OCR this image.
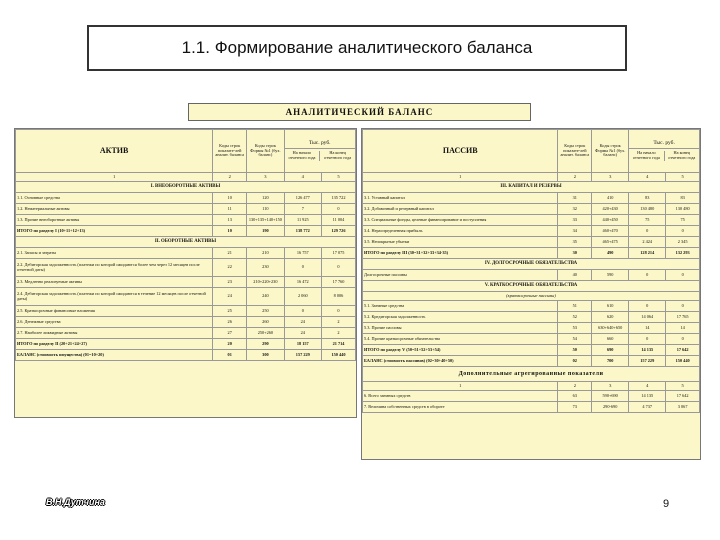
1.1. Формирование аналитического баланса
АНАЛИТИЧЕСКИЙ БАЛАНС
АКТИВ	Коды строк показате-лей аналит. баланса	Коды строк Формы №1 (бух. баланс)	Тыс. руб.
На начало отчетного года
На конец отчетного года	

1	2	3	4	5
I. ВНЕОБОРОТНЫЕ АКТИВЫ				
1.1. Основные средства	10	120	126 477	135 722
1.2. Нематериальные активы	11	110	7	0
1.3. Прочие внеоборотные активы	13	130+135+140+150	11 925	11 004
ИТОГО по разделу I (10+11+12+13)	10	190	138 772	129 726
II. ОБОРОТНЫЕ АКТИВЫ				
2.1. Запасы и затраты	21	210	16 757	17 075
2.2. Дебиторская задолженность (платежи по которой ожидаются более чем через 12 месяцев после отчетной даты)	22	230	0	0
2.3. Медленно реализуемые активы	23	210+220+230	16 472	17 760
2.4. Дебиторская задолженность (платежи по которой ожидаются в течение 12 месяцев после отчетной даты)	24	240	2 060	8 006
2.5. Краткосрочные финансовые вложения	25	250	0	0
2.6. Денежные средства	26	260	24	2
2.7. Наиболее ликвидные активы	27	250+260	24	2
ИТОГО по разделу II (20+21+24+27)	20	290	18 157	21 714
БАЛАНС (стоимость имущества) (01=10+20)	01	300	157 229	150 440
ПАССИВ	Коды строк показате-лей аналит. баланса	Коды строк Формы №1 (бух. баланс)	Тыс. руб.
На начало отчетного года
На конец отчетного года	

1	2	3	4	5
III. КАПИТАЛ И РЕЗЕРВЫ				
3.1. Уставный капитал	31	410	83	83
3.2. Добавочный и резервный капитал	32	420+430	130 480	130 480
3.3. Специальные фонды, целевые финансирование и поступления	33	440+450	75	75
3.4. Нераспределенная прибыль	34	460+470	0	0
3.5. Непокрытые убытки	35	465+475	2 424	2 345
ИТОГО по разделу III (30=31+32+33+34-35)	30	490	128 214	132 293
IV. ДОЛГОСРОЧНЫЕ ОБЯЗАТЕЛЬСТВА				
Долгосрочные пассивы	40	590	0	0
V. КРАТКОСРОЧНЫЕ ОБЯЗАТЕЛЬСТВА				
(краткосрочные пассивы)				
5.1. Заемные средства	51	610	0	0
5.2. Кредиторская задолженность	52	620	14 064	17 765
5.3. Прочие пассивы	53	630+640+650	14	14
5.4. Прочие краткосрочные обязательства	54	660	0	0
ИТОГО по разделу V (50=51+52+53+54)	50	690	14 135	17 642
БАЛАНС (стоимость пассивов) (02=30+40+50)	02	700	157 229	150 440
Дополнительные агрегированные показатели
1	2	3	4	5
6. Всего заемных средств	63	590+690	14 135	17 642
7. Величина собственных средств в обороте	73	290-690	4 737	3 067
В.Н.Дутчина	9
